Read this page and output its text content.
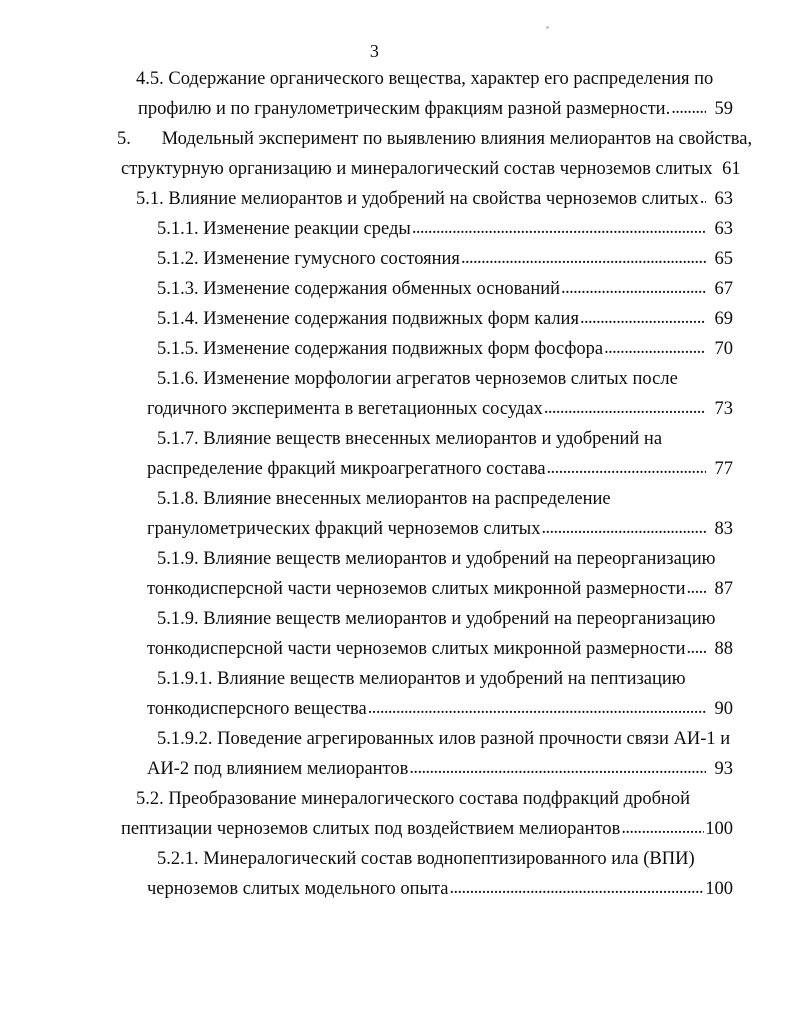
3
4.5.
Содержание органического вещества, характер его распределения по
профилю и по гранулометрическим фракциям разной размерности. .....	59
5.
	Модельный эксперимент по выявлению влияния мелиорантов на свойства,
структурную организацию и минералогический состав черноземов слитых 61
5.1.
Влияние мелиорантов и удобрений на свойства черноземов слитых ..... 63
5.1.1.
Изменение реакции среды .....	63
5.1.2.
Изменение гумусного состояния .....	65
5.1.3.
Изменение содержания обменных оснований .....	67
5.1.4.
Изменение содержания подвижных форм калия .....	69
5.1.5.
Изменение содержания подвижных форм фосфора .....	70
5.1.6.
Изменение морфологии агрегатов черноземов слитых после
годичного эксперимента в вегетационных сосудах .....	73
5.1.7.
Влияние веществ внесенных мелиорантов и удобрений на
распределение фракций микроагрегатного состава .....	77
5.1.8.
Влияние внесенных мелиорантов на распределение
гранулометрических фракций черноземов слитых .....	83
5.1.9.
Влияние веществ мелиорантов и удобрений на переорганизацию
тонкодисперсной части черноземов слитых микронной размерности .....	87
5.1.9.
Влияние веществ мелиорантов и удобрений на переорганизацию
тонкодисперсной части черноземов слитых микронной размерности .....	88
5.1.9.1.
Влияние веществ мелиорантов и удобрений на пептизацию
тонкодисперсного вещества .....	90
5.1.9.2.
Поведение агрегированных илов разной прочности связи АИ-1 и
АИ-2 под влиянием мелиорантов .....	93
5.2.
Преобразование минералогического состава подфракций дробной
пептизации черноземов слитых под воздействием мелиорантов .....	100
5.2.1.
Минералогический состав воднопептизированного ила (ВПИ)
черноземов слитых модельного опыта .....	100
